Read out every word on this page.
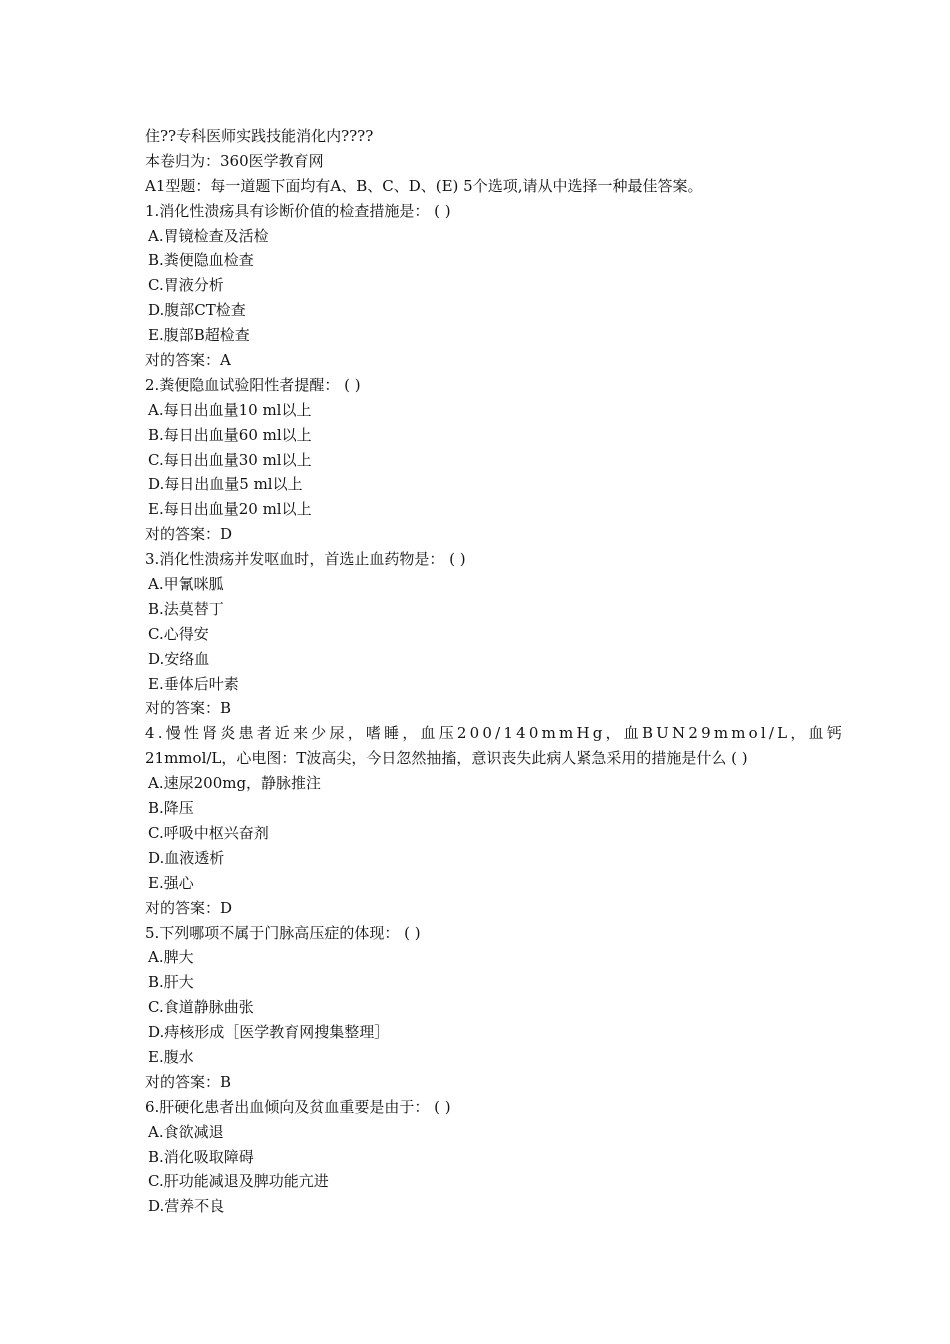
住??专科医师实践技能消化内????
本卷归为：360医学教育网
A1型题：每一道题下面均有A、B、C、D、(E) 5个选项,请从中选择一种最佳答案。
1.消化性溃疡具有诊断价值的检查措施是： ( )
A.胃镜检查及活检
B.粪便隐血检查
C.胃液分析
D.腹部CT检查
E.腹部B超检查
对的答案：A
2.粪便隐血试验阳性者提醒： ( )
A.每日出血量10 ml以上
B.每日出血量60 ml以上
C.每日出血量30 ml以上
D.每日出血量5 ml以上
E.每日出血量20 ml以上
对的答案：D
3.消化性溃疡并发呕血时，首选止血药物是： ( )
A.甲氰咪胍
B.法莫替丁
C.心得安
D.安络血
E.垂体后叶素
对的答案：B
4.慢性肾炎患者近来少尿，嗜睡，血压200/140mmHg，血BUN29mmol/L，血钙
21mmol/L，心电图：T波高尖，今日忽然抽搐，意识丧失此病人紧急采用的措施是什么 ( )
A.速尿200mg，静脉推注
B.降压
C.呼吸中枢兴奋剂
D.血液透析
E.强心
对的答案：D
5.下列哪项不属于门脉高压症的体现： ( )
A.脾大
B.肝大
C.食道静脉曲张
D.痔核形成［医学教育网搜集整理］
E.腹水
对的答案：B
6.肝硬化患者出血倾向及贫血重要是由于： ( )
A.食欲减退
B.消化吸取障碍
C.肝功能减退及脾功能亢进
D.营养不良
